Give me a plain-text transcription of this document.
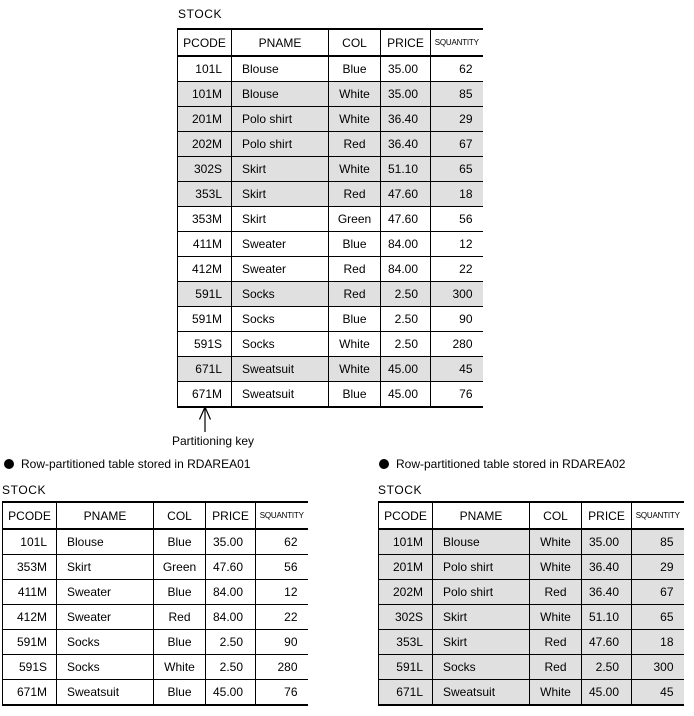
STOCK
PCODE	PNAME	COL	PRICE	SQUANTITY
101L	Blouse	Blue	35.00	62
101M	Blouse	White	35.00	85
201M	Polo shirt	White	36.40	29
202M	Polo shirt	Red	36.40	67
302S	Skirt	White	51.10	65
353L	Skirt	Red	47.60	18
353M	Skirt	Green	47.60	56
411M	Sweater	Blue	84.00	12
412M	Sweater	Red	84.00	22
591L	Socks	Red	2.50	300
591M	Socks	Blue	2.50	90
591S	Socks	White	2.50	280
671L	Sweatsuit	White	45.00	45
671M	Sweatsuit	Blue	45.00	76
Partitioning key
Row-partitioned table stored in RDAREA01
STOCK
PCODE	PNAME	COL	PRICE	SQUANTITY
101L	Blouse	Blue	35.00	62
353M	Skirt	Green	47.60	56
411M	Sweater	Blue	84.00	12
412M	Sweater	Red	84.00	22
591M	Socks	Blue	2.50	90
591S	Socks	White	2.50	280
671M	Sweatsuit	Blue	45.00	76
Row-partitioned table stored in RDAREA02
STOCK
PCODE	PNAME	COL	PRICE	SQUANTITY
101M	Blouse	White	35.00	85
201M	Polo shirt	White	36.40	29
202M	Polo shirt	Red	36.40	67
302S	Skirt	White	51.10	65
353L	Skirt	Red	47.60	18
591L	Socks	Red	2.50	300
671L	Sweatsuit	White	45.00	45
